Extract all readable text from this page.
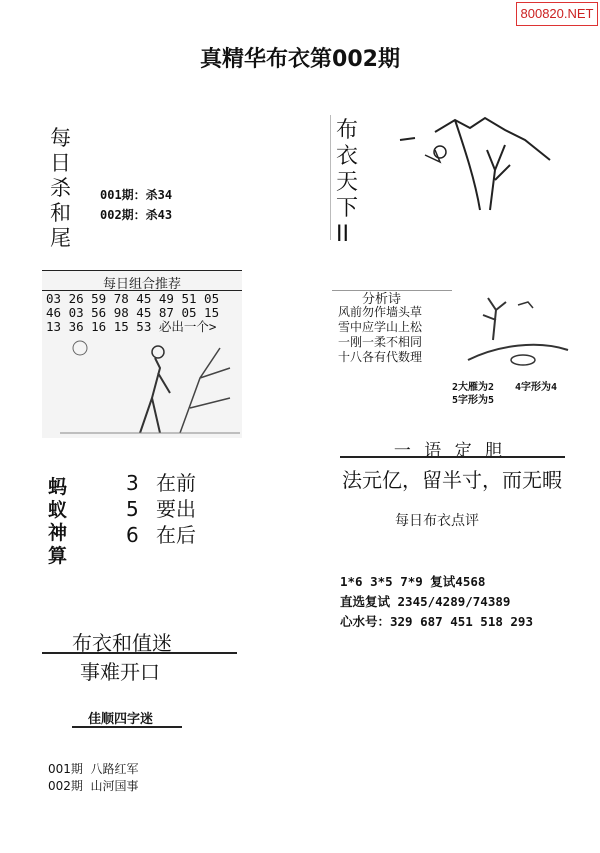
800820.NET
真精华布衣第002期
每
日
杀
和
尾
001期：杀34
002期：杀43
布
衣
天
下
II
每日组合推荐
03 26 59 78 45 49 51 05
46 03 56 98 45 87 05 15
13 36 16 15 53 必出一个>
分析诗
风前勿作墙头草
雪中应学山上松
一刚一柔不相同
十八各有代数理
2大雁为2 4字形为4
5字形为5
蚂
蚁
神
算
3 在前
5 要出
6 在后
一 语 定 胆
法元亿，留半寸，而无暇
每日布衣点评
1*6 3*5 7*9 复试4568
直选复试 2345/4289/74389
心水号：329 687 451 518 293
布衣和值迷
事难开口
佳顺四字迷
001期  八路红军
002期  山河国事
